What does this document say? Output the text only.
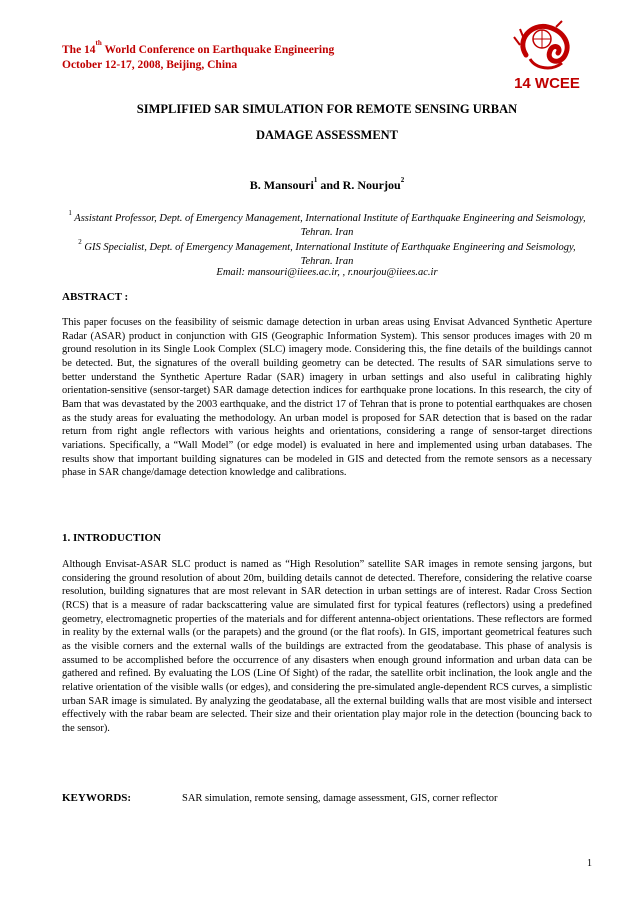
The 14th World Conference on Earthquake Engineering
October 12-17, 2008, Beijing, China
14 WCEE
SIMPLIFIED SAR SIMULATION FOR REMOTE SENSING URBAN
DAMAGE ASSESSMENT
B. Mansouri$^1$ and R. Nourjou$^2$
$^1$ Assistant Professor, Dept. of Emergency Management, International Institute of Earthquake Engineering and Seismology, Tehran. Iran
$^2$ GIS Specialist, Dept. of Emergency Management, International Institute of Earthquake Engineering and Seismology, Tehran. Iran
Email: mansouri@iiees.ac.ir, , r.nourjou@iiees.ac.ir
ABSTRACT :
This paper focuses on the feasibility of seismic damage detection in urban areas using Envisat Advanced Synthetic Aperture Radar (ASAR) product in conjunction with GIS (Geographic Information System). This sensor produces images with 20 m ground resolution in its Single Look Complex (SLC) imagery mode. Considering this, the fine details of the buildings cannot be detected. But, the signatures of the overall building geometry can be detected. The results of SAR simulations serve to better understand the Synthetic Aperture Radar (SAR) imagery in urban settings and also useful in calibrating highly orientation-sensitive (sensor-target) SAR damage detection indices for earthquake prone locations. In this research, the city of Bam that was devastated by the 2003 earthquake, and the district 17 of Tehran that is prone to potential earthquakes are chosen as the study areas for evaluating the methodology. An urban model is proposed for SAR detection that is based on the radar return from right angle reflectors with various heights and orientations, considering a range of sensor-target directions variations. Specifically, a “Wall Model” (or edge model) is evaluated in here and implemented using urban databases. The results show that important building signatures can be modeled in GIS and detected from the remote sensors as a necessary phase in SAR change/damage detection knowledge and calibrations.
1. INTRODUCTION
Although Envisat-ASAR SLC product is named as “High Resolution” satellite SAR images in remote sensing jargons, but considering the ground resolution of about 20m, building details cannot de detected. Therefore, considering the relative coarse resolution, building signatures that are most relevant in SAR detection in urban settings are of interest. Radar Cross Section (RCS) that is a measure of radar backscattering value are simulated first for typical features (reflectors) using a predefined geometry, electromagnetic properties of the materials and for different antenna-object orientations. These reflectors are formed in reality by the external walls (or the parapets) and the ground (or the flat roofs). In GIS, important geometrical features such as the visible corners and the external walls of the buildings are extracted from the geodatabase. This phase of analysis is assumed to be accomplished before the occurrence of any disasters when enough ground information and urban data can be gathered and refined. By evaluating the LOS (Line Of Sight) of the radar, the satellite orbit inclination, the look angle and the relative orientation of the visible walls (or edges), and considering the pre-simulated angle-dependent RCS curves, a simplistic urban SAR image is simulated. By analyzing the geodatabase, all the external building walls that are most visible and intersect effectively with the rabar beam are selected. Their size and their orientation play major role in the detection (bouncing back to the sensor).
KEYWORDS:	SAR simulation, remote sensing, damage assessment, GIS, corner reflector
1
